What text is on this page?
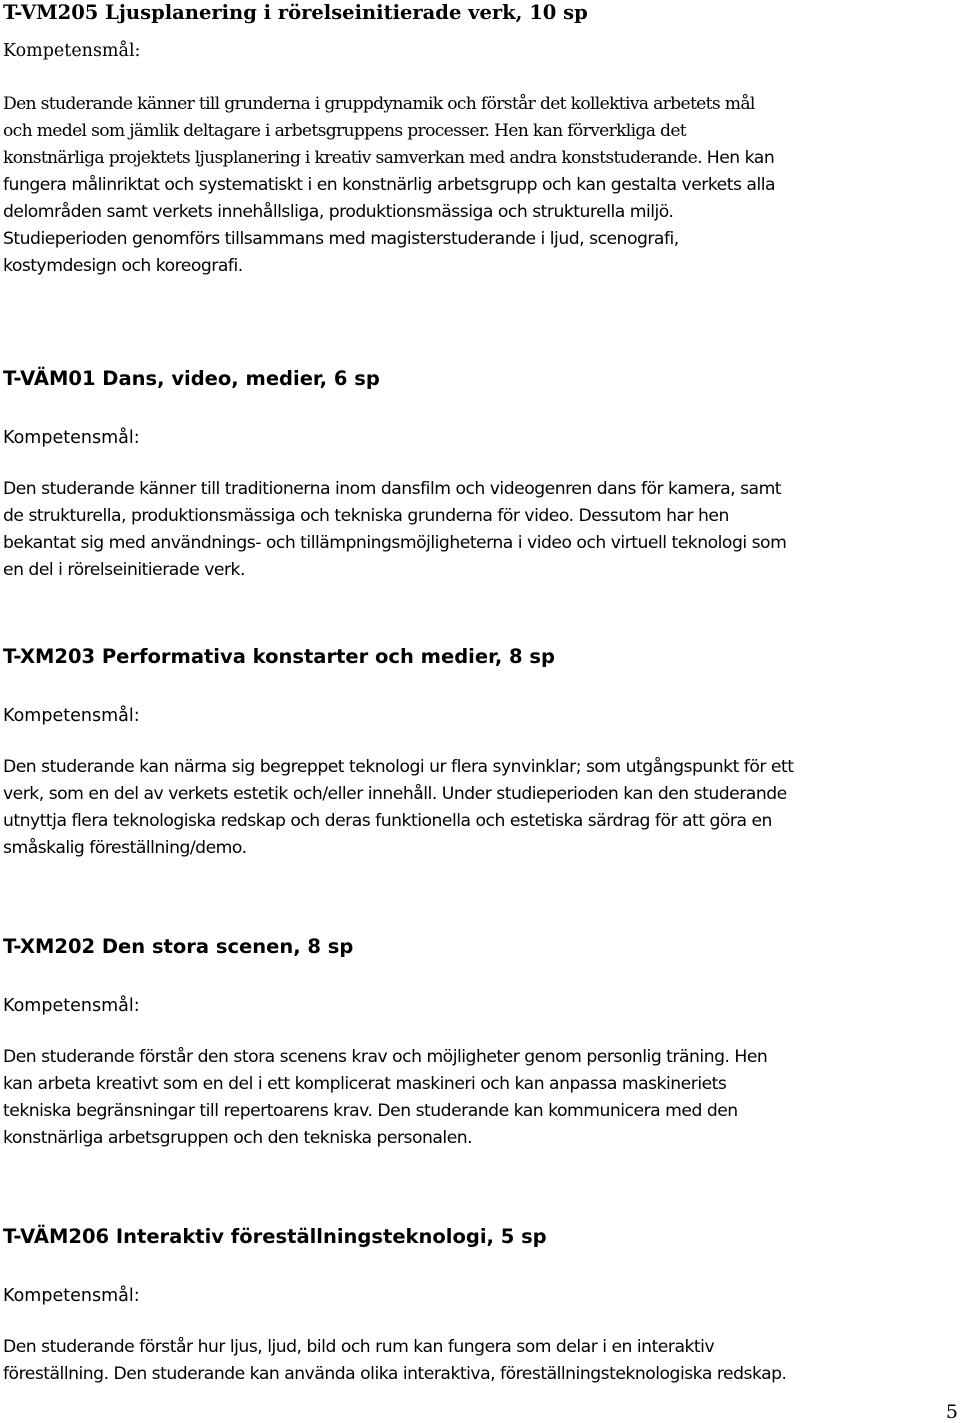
T-VM205 Ljusplanering i rörelseinitierade verk, 10 sp

Kompetensmål:

Den studerande känner till grunderna i gruppdynamik och förstår det kollektiva arbetets mål
och medel som jämlik deltagare i arbetsgruppens processer. Hen kan förverkliga det
konstnärliga projektets ljusplanering i kreativ samverkan med andra konststuderande. Hen kan
fungera målinriktat och systematiskt i en konstnärlig arbetsgrupp och kan gestalta verkets alla
delområden samt verkets innehållsliga, produktionsmässiga och strukturella miljö.
Studieperioden genomförs tillsammans med magisterstuderande i ljud, scenografi,
kostymdesign och koreografi.
T-VÄM01 Dans, video, medier, 6 sp

Kompetensmål:

Den studerande känner till traditionerna inom dansfilm och videogenren dans för kamera, samt
de strukturella, produktionsmässiga och tekniska grunderna för video. Dessutom har hen
bekantat sig med användnings- och tillämpningsmöjligheterna i video och virtuell teknologi som
en del i rörelseinitierade verk.
T-XM203 Performativa konstarter och medier, 8 sp

Kompetensmål:

Den studerande kan närma sig begreppet teknologi ur flera synvinklar; som utgångspunkt för ett
verk, som en del av verkets estetik och/eller innehåll. Under studieperioden kan den studerande
utnyttja flera teknologiska redskap och deras funktionella och estetiska särdrag för att göra en
småskalig föreställning/demo.
T-XM202 Den stora scenen, 8 sp

Kompetensmål:

Den studerande förstår den stora scenens krav och möjligheter genom personlig träning. Hen
kan arbeta kreativt som en del i ett komplicerat maskineri och kan anpassa maskineriets
tekniska begränsningar till repertoarens krav. Den studerande kan kommunicera med den
konstnärliga arbetsgruppen och den tekniska personalen.
T-VÄM206 Interaktiv föreställningsteknologi, 5 sp

Kompetensmål:

Den studerande förstår hur ljus, ljud, bild och rum kan fungera som delar i en interaktiv
föreställning. Den studerande kan använda olika interaktiva, föreställningsteknologiska redskap.
5
